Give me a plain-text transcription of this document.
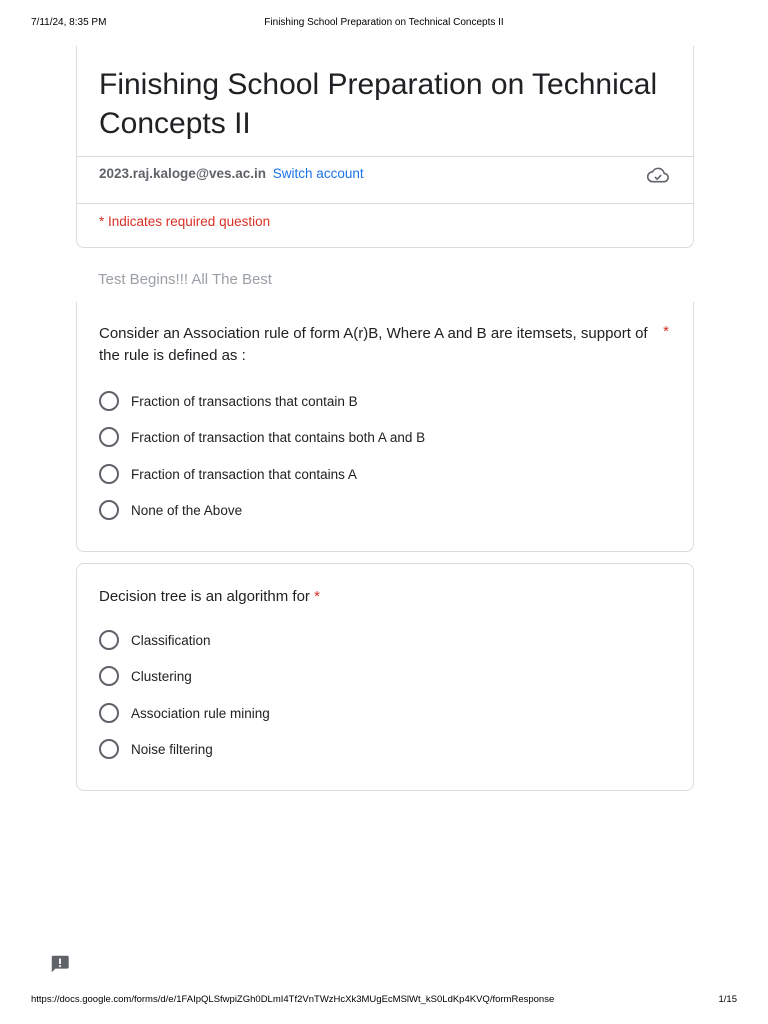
7/11/24, 8:35 PM	Finishing School Preparation on Technical Concepts II
Finishing School Preparation on Technical Concepts II
2023.raj.kaloge@ves.ac.in Switch account
* Indicates required question
Test Begins!!! All The Best
Consider an Association rule of form A(r)B, Where A and B are itemsets, support of the rule is defined as :
*
Fraction of transactions that contain B
Fraction of transaction that contains both A and B
Fraction of transaction that contains A
None of the Above
Decision tree is an algorithm for *
Classification
Clustering
Association rule mining
Noise filtering
https://docs.google.com/forms/d/e/1FAIpQLSfwpiZGh0DLmI4Tf2VnTWzHcXk3MUgEcMSlWt_kS0LdKp4KVQ/formResponse	1/15
